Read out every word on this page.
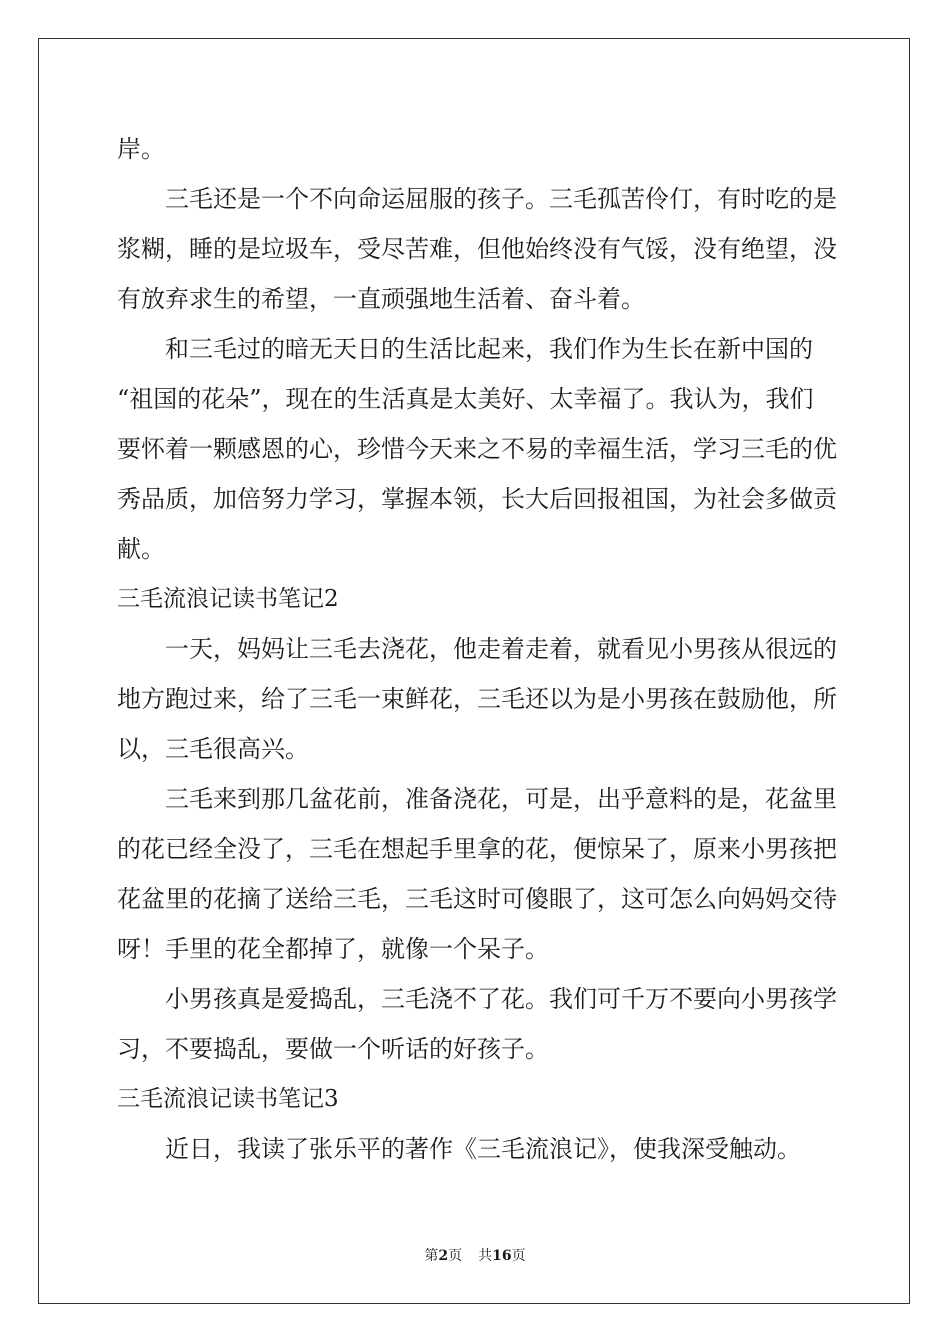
岸。
三毛还是一个不向命运屈服的孩子。三毛孤苦伶仃，有时吃的是
浆糊，睡的是垃圾车，受尽苦难，但他始终没有气馁，没有绝望，没
有放弃求生的希望，一直顽强地生活着、奋斗着。
和三毛过的暗无天日的生活比起来，我们作为生长在新中国的
“祖国的花朵”，现在的生活真是太美好、太幸福了。我认为，我们
要怀着一颗感恩的心，珍惜今天来之不易的幸福生活，学习三毛的优
秀品质，加倍努力学习，掌握本领，长大后回报祖国，为社会多做贡
献。
三毛流浪记读书笔记2
一天，妈妈让三毛去浇花，他走着走着，就看见小男孩从很远的
地方跑过来，给了三毛一束鲜花，三毛还以为是小男孩在鼓励他，所
以，三毛很高兴。
三毛来到那几盆花前，准备浇花，可是，出乎意料的是，花盆里
的花已经全没了，三毛在想起手里拿的花，便惊呆了，原来小男孩把
花盆里的花摘了送给三毛，三毛这时可傻眼了，这可怎么向妈妈交待
呀！手里的花全都掉了，就像一个呆子。
小男孩真是爱捣乱，三毛浇不了花。我们可千万不要向小男孩学
习，不要捣乱，要做一个听话的好孩子。
三毛流浪记读书笔记3
近日，我读了张乐平的著作《三毛流浪记》，使我深受触动。
第2页 共16页
